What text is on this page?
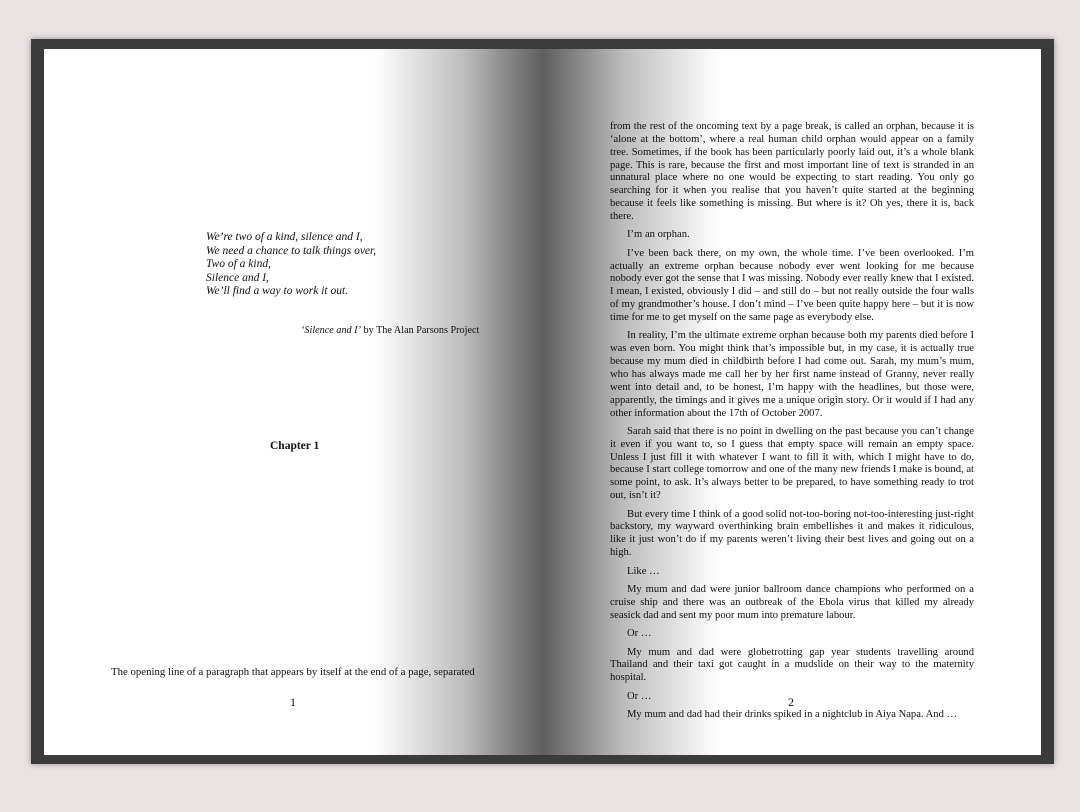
We’re two of a kind, silence and I,
We need a chance to talk things over,
Two of a kind,
Silence and I,
We’ll find a way to work it out.
‘Silence and I’ by The Alan Parsons Project
Chapter 1
The opening line of a paragraph that appears by itself at the end of a page, separated
1

from the rest of the oncoming text by a page break, is called an orphan, because it is ‘alone at the bottom’, where a real human child orphan would appear on a family tree. Sometimes, if the book has been particularly poorly laid out, it’s a whole blank page. This is rare, because the first and most important line of text is stranded in an unnatural place where no one would be expecting to start reading. You only go searching for it when you realise that you haven’t quite started at the beginning because it feels like something is missing. But where is it? Oh yes, there it is, back there.

I’m an orphan.

I’ve been back there, on my own, the whole time. I’ve been overlooked. I’m actually an extreme orphan because nobody ever went looking for me because nobody ever got the sense that I was missing. Nobody ever really knew that I existed. I mean, I existed, obviously I did – and still do – but not really outside the four walls of my grandmother’s house. I don’t mind – I’ve been quite happy here – but it is now time for me to get myself on the same page as everybody else.

In reality, I’m the ultimate extreme orphan because both my parents died before I was even born. You might think that’s impossible but, in my case, it is actually true because my mum died in childbirth before I had come out. Sarah, my mum’s mum, who has always made me call her by her first name instead of Granny, never really went into detail and, to be honest, I’m happy with the headlines, but those were, apparently, the timings and it gives me a unique origin story. Or it would if I had any other information about the 17th of October 2007.

Sarah said that there is no point in dwelling on the past because you can’t change it even if you want to, so I guess that empty space will remain an empty space. Unless I just fill it with whatever I want to fill it with, which I might have to do, because I start college tomorrow and one of the many new friends I make is bound, at some point, to ask. It’s always better to be prepared, to have something ready to trot out, isn’t it?

But every time I think of a good solid not-too-boring not-too-interesting just-right backstory, my wayward overthinking brain embellishes it and makes it ridiculous, like it just won’t do if my parents weren’t living their best lives and going out on a high.

Like …

My mum and dad were junior ballroom dance champions who performed on a cruise ship and there was an outbreak of the Ebola virus that killed my already seasick dad and sent my poor mum into premature labour.

Or …

My mum and dad were globetrotting gap year students travelling around Thailand and their taxi got caught in a mudslide on their way to the maternity hospital.

Or …

My mum and dad had their drinks spiked in a nightclub in Aiya Napa. And …

2
